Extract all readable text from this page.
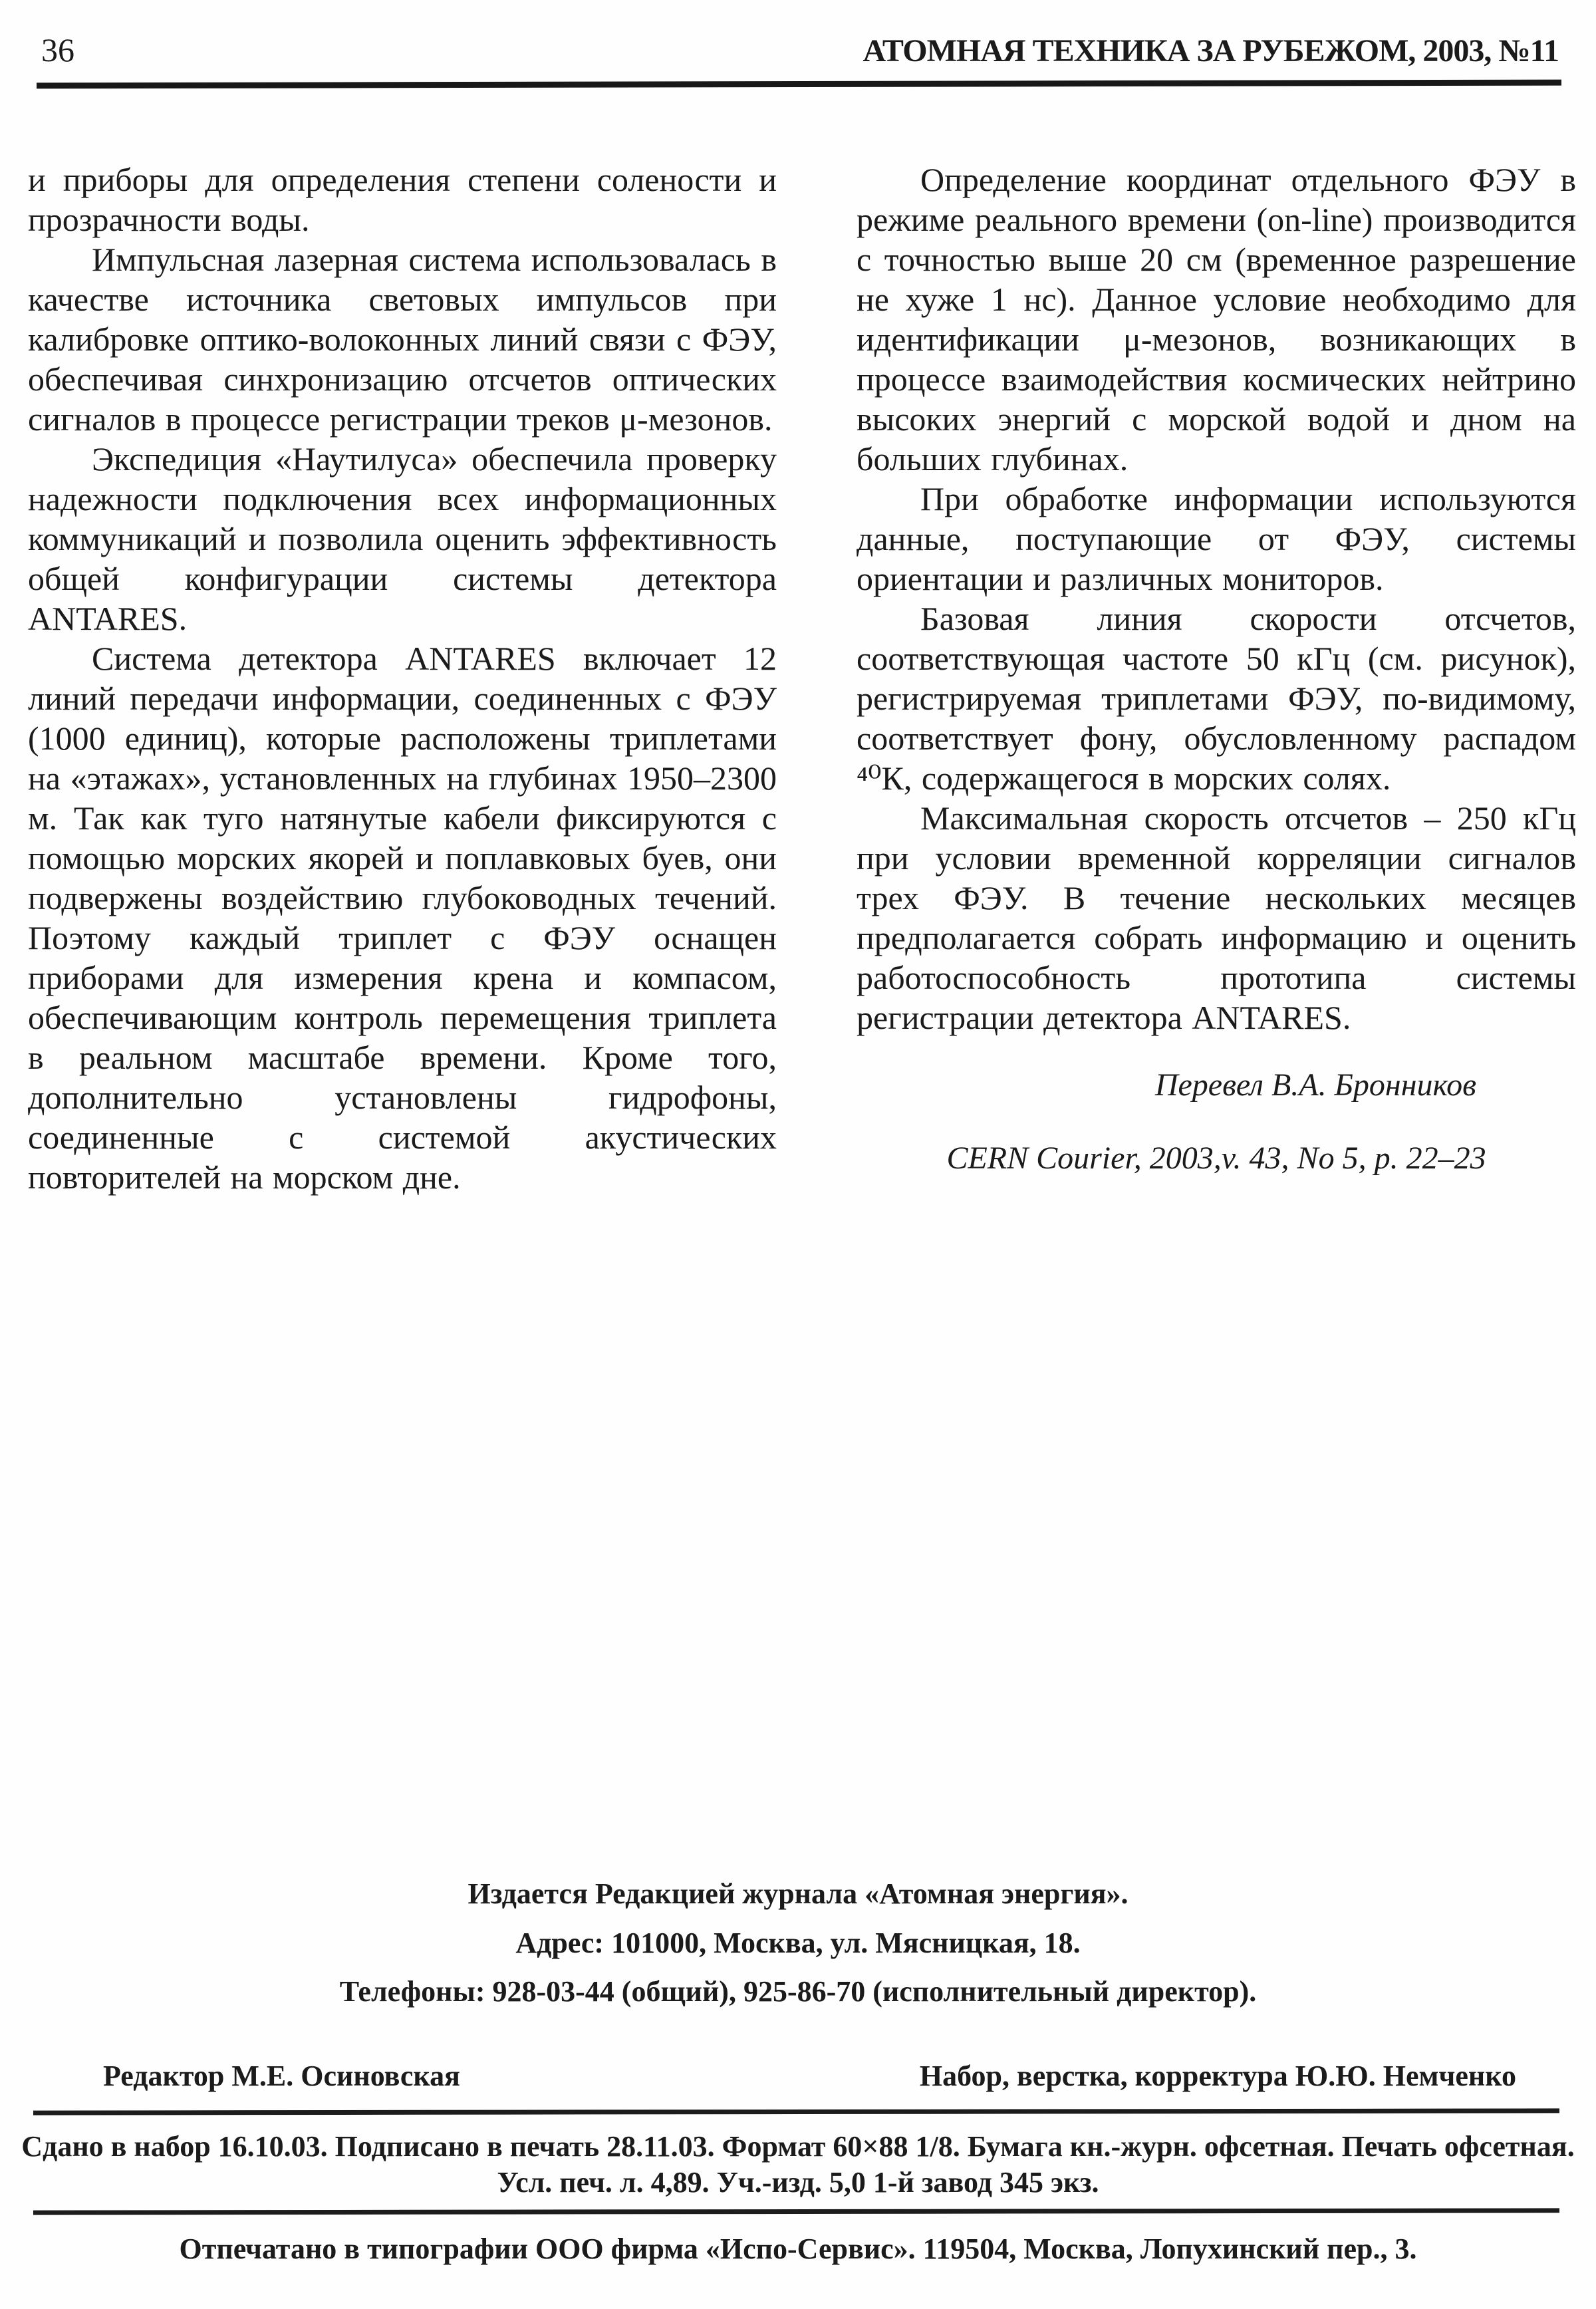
36	АТОМНАЯ ТЕХНИКА ЗА РУБЕЖОМ, 2003, №11

и приборы для определения степени солености и прозрачности воды.

Импульсная лазерная система использовалась в качестве источника световых импульсов при калибровке оптико-волоконных линий связи с ФЭУ, обеспечивая синхронизацию отсчетов оптических сигналов в процессе регистрации треков μ-мезонов.

Экспедиция «Наутилуса» обеспечила проверку надежности подключения всех информационных коммуникаций и позволила оценить эффективность общей конфигурации системы детектора ANTARES.

Система детектора ANTARES включает 12 линий передачи информации, соединенных с ФЭУ (1000 единиц), которые расположены триплетами на «этажах», установленных на глубинах 1950–2300 м. Так как туго натянутые кабели фиксируются с помощью морских якорей и поплавковых буев, они подвержены воздействию глубоководных течений. Поэтому каждый триплет с ФЭУ оснащен приборами для измерения крена и компасом, обеспечивающим контроль перемещения триплета в реальном масштабе времени. Кроме того, дополнительно установлены гидрофоны, соединенные с системой акустических повторителей на морском дне.

Определение координат отдельного ФЭУ в режиме реального времени (on-line) производится с точностью выше 20 см (временное разрешение не хуже 1 нс). Данное условие необходимо для идентификации μ-мезонов, возникающих в процессе взаимодействия космических нейтрино высоких энергий с морской водой и дном на больших глубинах.

При обработке информации используются данные, поступающие от ФЭУ, системы ориентации и различных мониторов.

Базовая линия скорости отсчетов, соответствующая частоте 50 кГц (см. рисунок), регистрируемая триплетами ФЭУ, по-видимому, соответствует фону, обусловленному распадом ⁴⁰К, содержащегося в морских солях.

Максимальная скорость отсчетов – 250 кГц при условии временной корреляции сигналов трех ФЭУ. В течение нескольких месяцев предполагается собрать информацию и оценить работоспособность прототипа системы регистрации детектора ANTARES.

Перевел В.А. Бронников
CERN Courier, 2003,v. 43, No 5, p. 22–23
Издается Редакцией журнала «Атомная энергия».
Адрес: 101000, Москва, ул. Мясницкая, 18.
Телефоны: 928-03-44 (общий), 925-86-70 (исполнительный директор).
Редактор М.Е. Осиновская	Набор, верстка, корректура Ю.Ю. Немченко
Сдано в набор 16.10.03. Подписано в печать 28.11.03. Формат 60×88 1/8. Бумага кн.-журн. офсетная. Печать офсетная.
Усл. печ. л. 4,89. Уч.-изд. 5,0 1-й завод 345 экз.
Отпечатано в типографии ООО фирма «Испо-Сервис». 119504, Москва, Лопухинский пер., 3.
